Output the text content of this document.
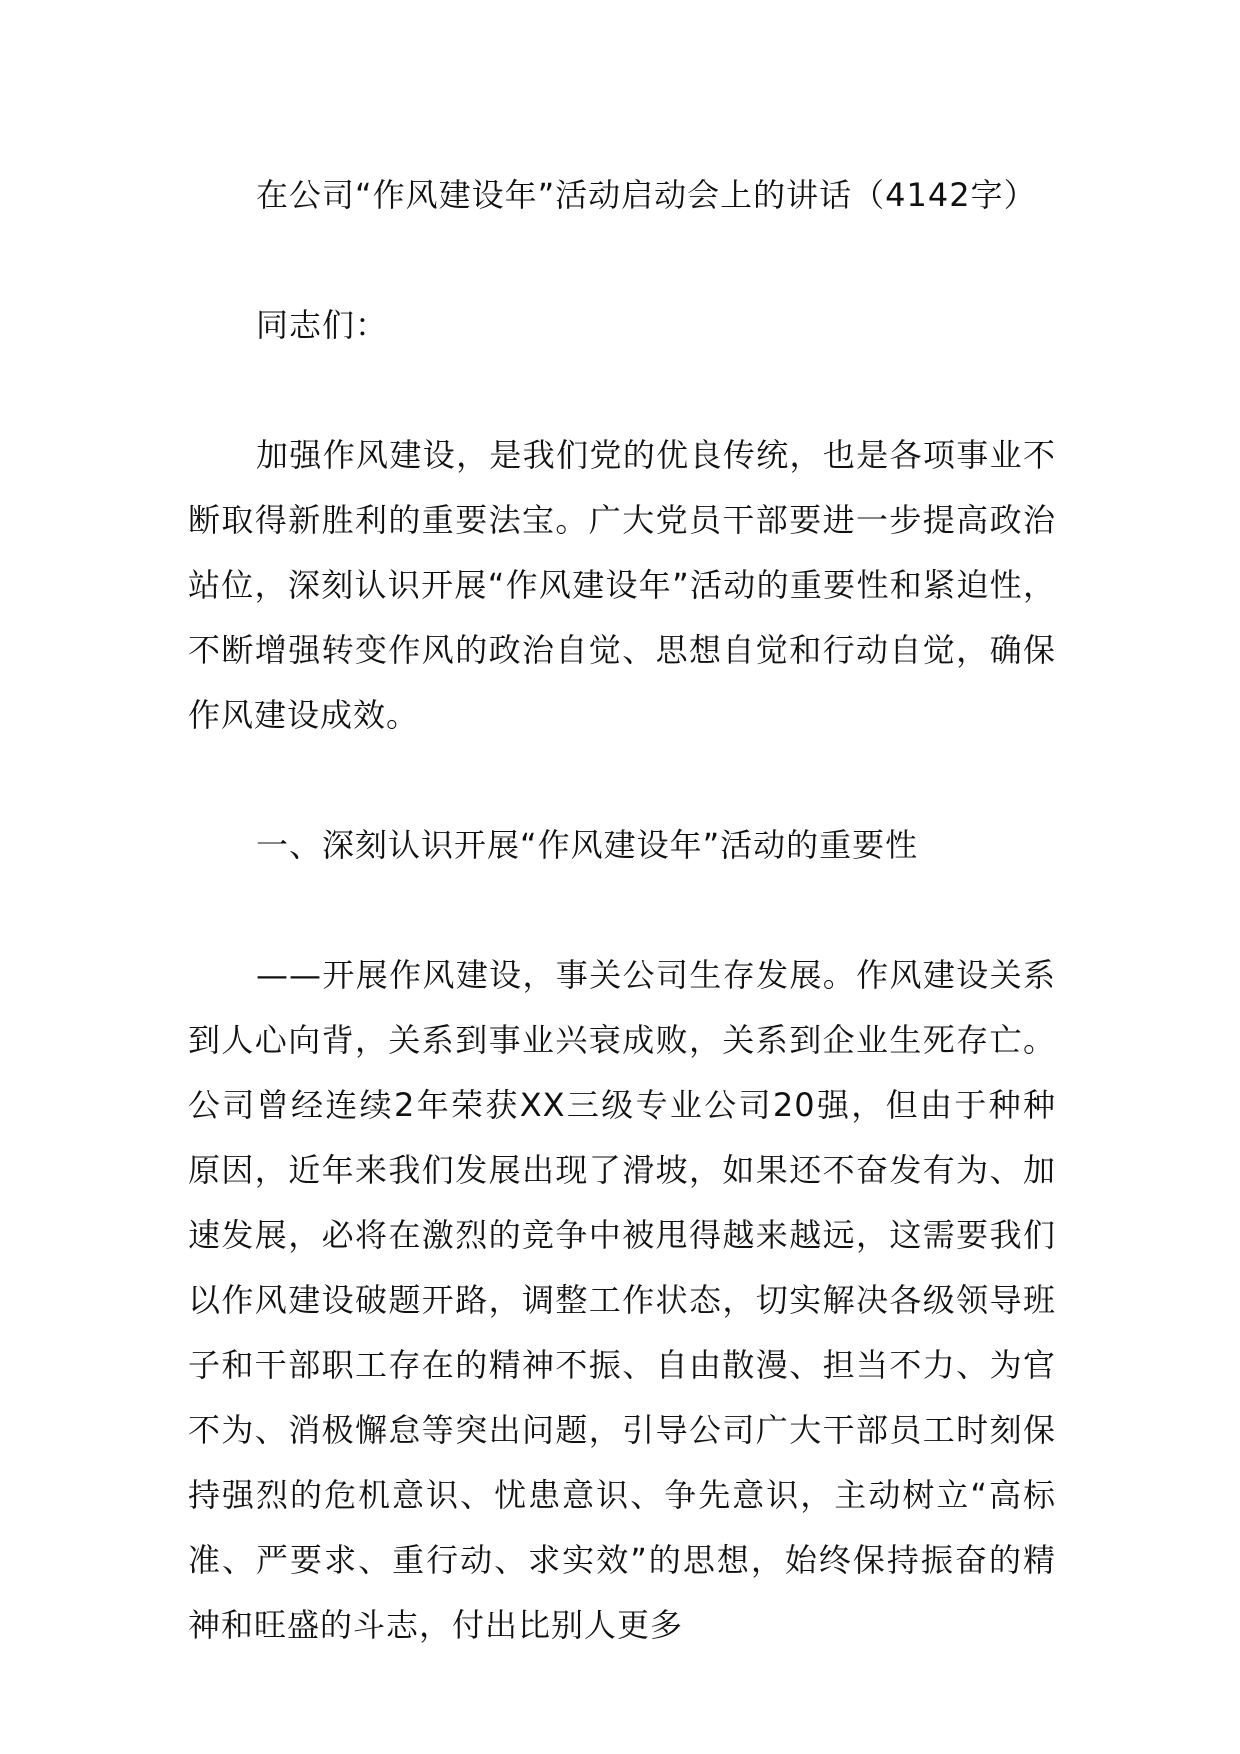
在公司“作风建设年”活动启动会上的讲话（4142字）

同志们：

加强作风建设，是我们党的优良传统，也是各项事业不断取得新胜利的重要法宝。广大党员干部要进一步提高政治站位，深刻认识开展“作风建设年”活动的重要性和紧迫性，不断增强转变作风的政治自觉、思想自觉和行动自觉，确保作风建设成效。

一、深刻认识开展“作风建设年”活动的重要性

——开展作风建设，事关公司生存发展。作风建设关系到人心向背，关系到事业兴衰成败，关系到企业生死存亡。公司曾经连续2年荣获XX三级专业公司20强，但由于种种原因，近年来我们发展出现了滑坡，如果还不奋发有为、加速发展，必将在激烈的竞争中被甩得越来越远，这需要我们以作风建设破题开路，调整工作状态，切实解决各级领导班子和干部职工存在的精神不振、自由散漫、担当不力、为官不为、消极懈怠等突出问题，引导公司广大干部员工时刻保持强烈的危机意识、忧患意识、争先意识，主动树立“高标准、严要求、重行动、求实效”的思想，始终保持振奋的精神和旺盛的斗志，付出比别人更多
